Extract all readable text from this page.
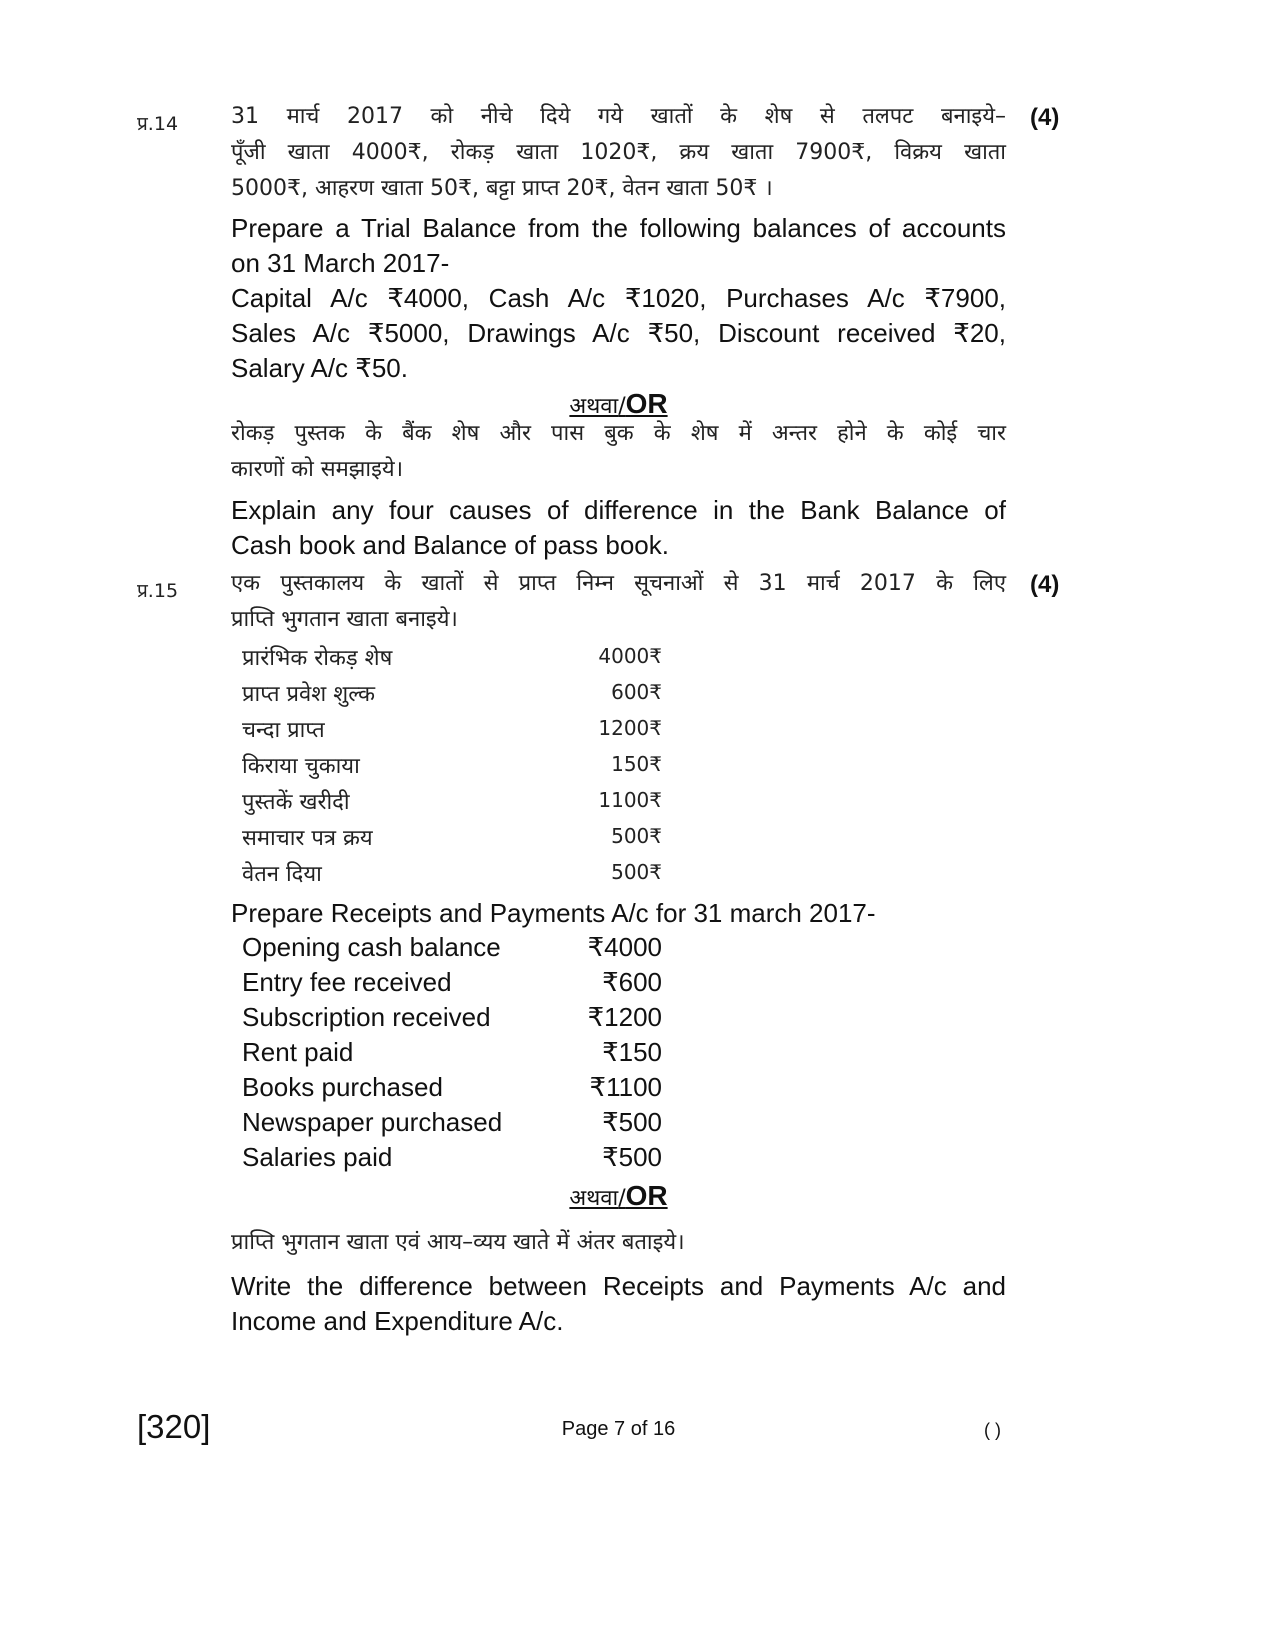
प्र.14	(4)

31 मार्च 2017 को नीचे दिये गये खातों के शेष से तलपट बनाइये–

पूँजी खाता 4000₹, रोकड़ खाता 1020₹, क्रय खाता 7900₹, विक्रय खाता

5000₹, आहरण खाता 50₹, बट्टा प्राप्त 20₹, वेतन खाता 50₹ ।

Prepare a Trial Balance from the following balances of accounts

on 31 March 2017-

Capital A/c ₹4000, Cash A/c ₹1020, Purchases A/c ₹7900,

Sales A/c ₹5000, Drawings A/c ₹50, Discount received ₹20,

Salary A/c ₹50.

अथवा/OR

रोकड़ पुस्तक के बैंक शेष और पास बुक के शेष में अन्तर होने के कोई चार

कारणों को समझाइये।

Explain any four causes of difference in the Bank Balance of

Cash book and Balance of pass book.

प्र.15	(4)

एक पुस्तकालय के खातों से प्राप्त निम्न सूचनाओं से 31 मार्च 2017 के लिए

प्राप्ति भुगतान खाता बनाइये।

प्रारंभिक रोकड़ शेष	4000₹
प्राप्त प्रवेश शुल्क	600₹
चन्दा प्राप्त	1200₹
किराया चुकाया	150₹
पुस्तकें खरीदी	1100₹
समाचार पत्र क्रय	500₹
वेतन दिया	500₹

Prepare Receipts and Payments A/c for 31 march 2017-

Opening cash balance	₹4000
Entry fee received	₹600
Subscription received	₹1200
Rent paid	₹150
Books purchased	₹1100
Newspaper purchased	₹500
Salaries paid	₹500
अथवा/OR

प्राप्ति भुगतान खाता एवं आय–व्यय खाते में अंतर बताइये।

Write the difference between Receipts and Payments A/c and

Income and Expenditure A/c.

[320]	Page 7 of 16	( )
